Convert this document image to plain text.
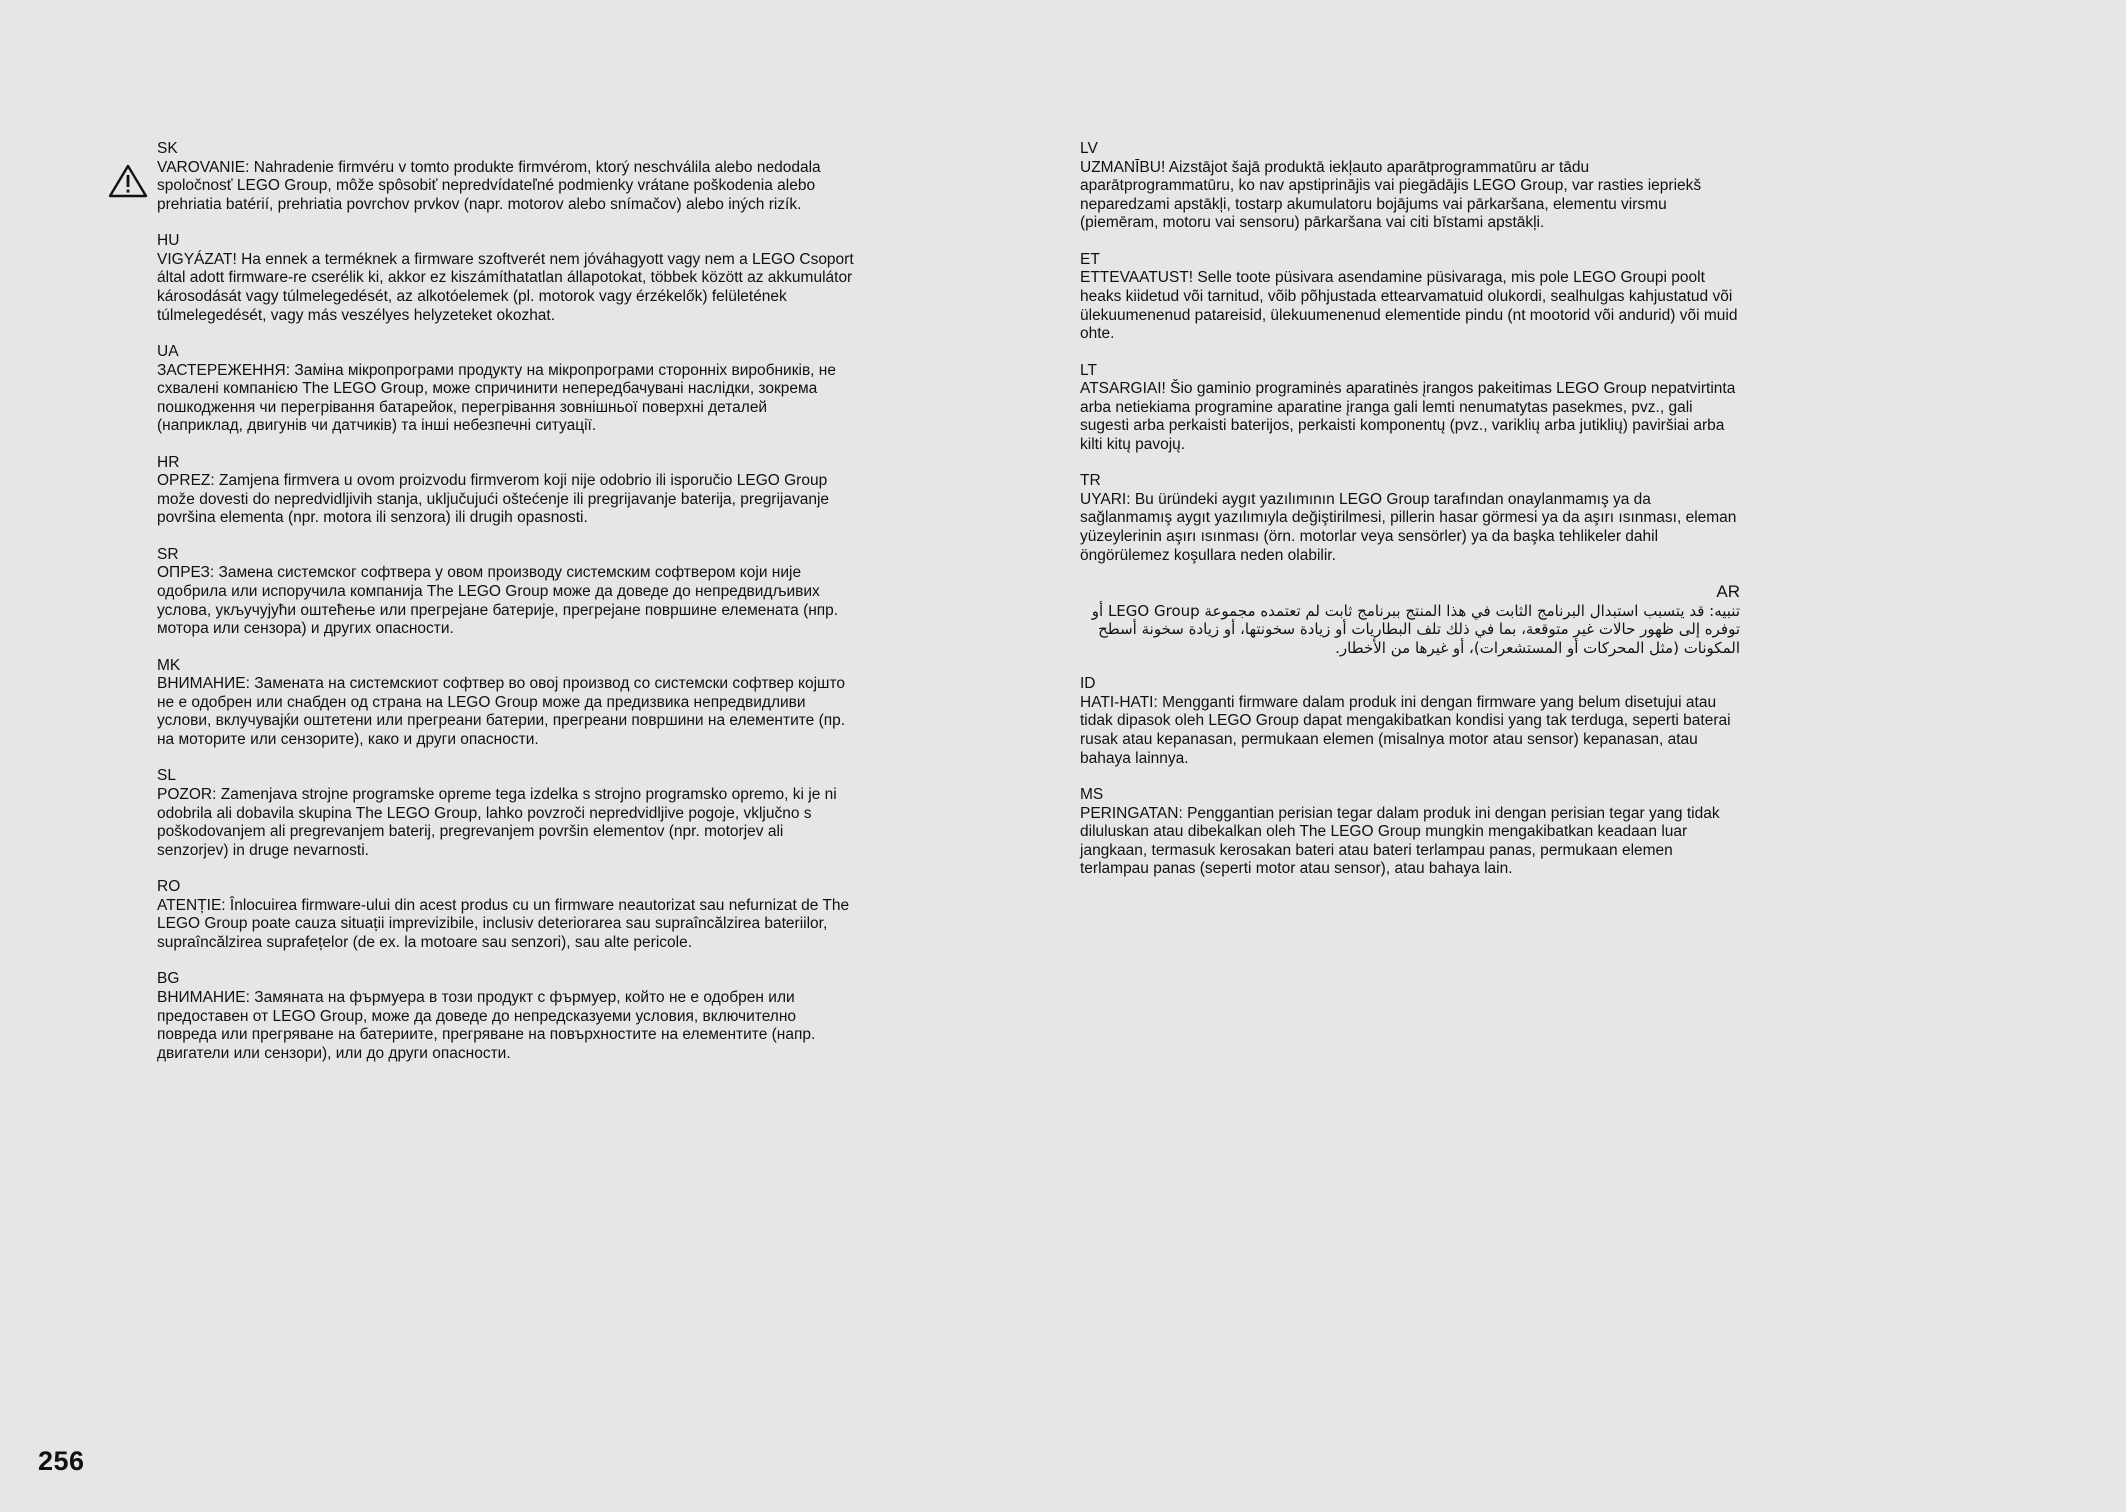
SK
VAROVANIE: Nahradenie firmvéru v tomto produkte firmvérom, ktorý neschválila alebo nedodala spoločnosť LEGO Group, môže spôsobiť nepredvídateľné podmienky vrátane poškodenia alebo prehriatia batérií, prehriatia povrchov prvkov (napr. motorov alebo snímačov) alebo iných rizík.
HU
VIGYÁZAT! Ha ennek a terméknek a firmware szoftverét nem jóváhagyott vagy nem a LEGO Csoport által adott firmware-re cserélik ki, akkor ez kiszámíthatatlan állapotokat, többek között az akkumulátor károsodását vagy túlmelegedését, az alkotóelemek (pl. motorok vagy érzékelők) felületének túlmelegedését, vagy más veszélyes helyzeteket okozhat.
UA
ЗАСТЕРЕЖЕННЯ: Заміна мікропрограми продукту на мікропрограми сторонніх виробників, не схвалені компанією The LEGO Group, може спричинити непередбачувані наслідки, зокрема пошкодження чи перегрівання батарейок, перегрівання зовнішньої поверхні деталей (наприклад, двигунів чи датчиків) та інші небезпечні ситуації.
HR
OPREZ: Zamjena firmvera u ovom proizvodu firmverom koji nije odobrio ili isporučio LEGO Group može dovesti do nepredvidljivih stanja, uključujući oštećenje ili pregrijavanje baterija, pregrijavanje površina elementa (npr. motora ili senzora) ili drugih opasnosti.
SR
ОПРЕЗ: Замена системског софтвера у овом производу системским софтвером који није одобрила или испоручила компанија The LEGO Group може да доведе до непредвидљивих услова, укључујући оштећење или прегрејане батерије, прегрејане површине елемената (нпр. мотора или сензора) и других опасности.
MK
ВНИМАНИЕ: Замената на системскиот софтвер во овој производ со системски софтвер којшто не е одобрен или снабден од страна на LEGO Group може да предизвика непредвидливи услови, вклучувајќи оштетени или прегреани батерии, прегреани површини на елементите (пр. на моторите или сензорите), како и други опасности.
SL
POZOR: Zamenjava strojne programske opreme tega izdelka s strojno programsko opremo, ki je ni odobrila ali dobavila skupina The LEGO Group, lahko povzroči nepredvidljive pogoje, vključno s poškodovanjem ali pregrevanjem baterij, pregrevanjem površin elementov (npr. motorjev ali senzorjev) in druge nevarnosti.
RO
ATENȚIE: Înlocuirea firmware-ului din acest produs cu un firmware neautorizat sau nefurnizat de The LEGO Group poate cauza situații imprevizibile, inclusiv deteriorarea sau supraîncălzirea bateriilor, supraîncălzirea suprafețelor (de ex. la motoare sau senzori), sau alte pericole.
BG
ВНИМАНИЕ: Замяната на фърмуера в този продукт с фърмуер, който не е одобрен или предоставен от LEGO Group, може да доведе до непредсказуеми условия, включително повреда или прегряване на батериите, прегряване на повърхностите на елементите (напр. двигатели или сензори), или до други опасности.
LV
UZMANĪBU! Aizstājot šajā produktā iekļauto aparātprogrammatūru ar tādu aparātprogrammatūru, ko nav apstiprinājis vai piegādājis LEGO Group, var rasties iepriekš neparedzami apstākļi, tostarp akumulatoru bojājums vai pārkaršana, elementu virsmu (piemēram, motoru vai sensoru) pārkaršana vai citi bīstami apstākļi.
ET
ETTEVAATUST! Selle toote püsivara asendamine püsivaraga, mis pole LEGO Groupi poolt heaks kiidetud või tarnitud, võib põhjustada ettearvamatuid olukordi, sealhulgas kahjustatud või ülekuumenenud patareisid, ülekuumenenud elementide pindu (nt mootorid või andurid) või muid ohte.
LT
ATSARGIAI! Šio gaminio programinės aparatinės įrangos pakeitimas LEGO Group nepatvirtinta arba netiekiama programine aparatine įranga gali lemti nenumatytas pasekmes, pvz., gali sugesti arba perkaisti baterijos, perkaisti komponentų (pvz., variklių arba jutiklių) paviršiai arba kilti kitų pavojų.
TR
UYARI: Bu üründeki aygıt yazılımının LEGO Group tarafından onaylanmamış ya da sağlanmamış aygıt yazılımıyla değiştirilmesi, pillerin hasar görmesi ya da aşırı ısınması, eleman yüzeylerinin aşırı ısınması (örn. motorlar veya sensörler) ya da başka tehlikeler dahil öngörülemez koşullara neden olabilir.
AR
تنبيه: قد يتسبب استبدال البرنامج الثابت في هذا المنتج ببرنامج ثابت لم تعتمده مجموعة LEGO Group أو توفره إلى ظهور حالات غير متوقعة، بما في ذلك تلف البطاريات أو زيادة سخونتها، أو زيادة سخونة أسطح المكونات (مثل المحركات أو المستشعرات)، أو غيرها من الأخطار.
ID
HATI-HATI: Mengganti firmware dalam produk ini dengan firmware yang belum disetujui atau tidak dipasok oleh LEGO Group dapat mengakibatkan kondisi yang tak terduga, seperti baterai rusak atau kepanasan, permukaan elemen (misalnya motor atau sensor) kepanasan, atau bahaya lainnya.
MS
PERINGATAN: Penggantian perisian tegar dalam produk ini dengan perisian tegar yang tidak diluluskan atau dibekalkan oleh The LEGO Group mungkin mengakibatkan keadaan luar jangkaan, termasuk kerosakan bateri atau bateri terlampau panas, permukaan elemen terlampau panas (seperti motor atau sensor), atau bahaya lain.
256
